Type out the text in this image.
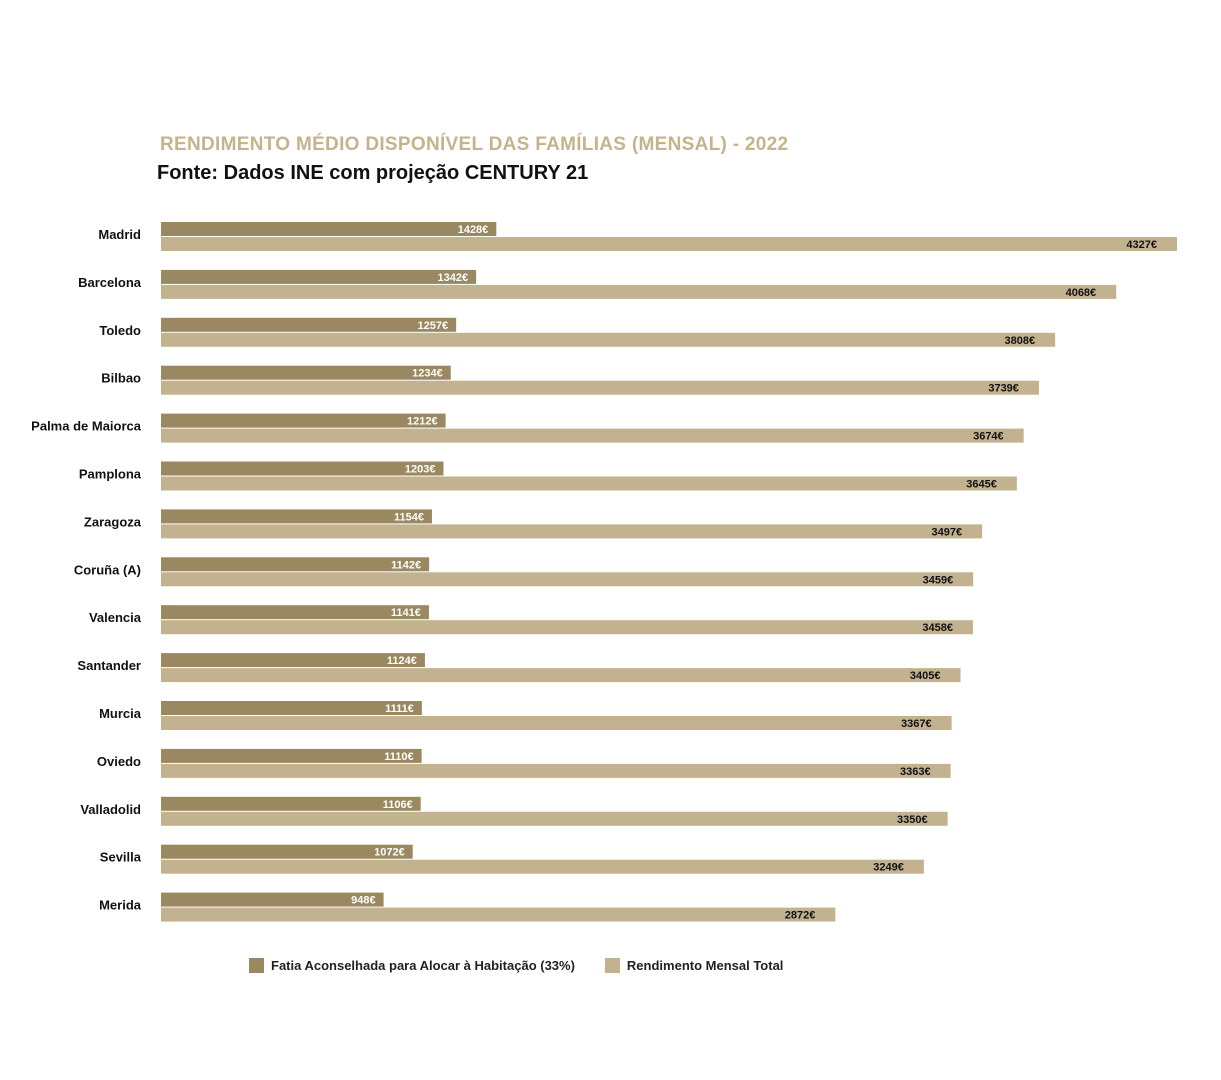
RENDIMENTO MÉDIO DISPONÍVEL DAS FAMÍLIAS (MENSAL) - 2022
Fonte: Dados INE com projeção CENTURY 21
Madrid	1428€
4327€
Barcelona	1342€
4068€
Toledo	1257€
3808€
Bilbao	1234€
3739€
Palma de Maiorca	1212€
3674€
Pamplona	1203€
3645€
Zaragoza	1154€
3497€
Coruña (A)	1142€
3459€
Valencia	1141€
3458€
Santander	1124€
3405€
Murcia	1111€
3367€
Oviedo	1110€
3363€
Valladolid	1106€
3350€
Sevilla	1072€
3249€
Merida	948€
2872€
Fatia Aconselhada para Alocar à Habitação (33%)	Rendimento Mensal Total
